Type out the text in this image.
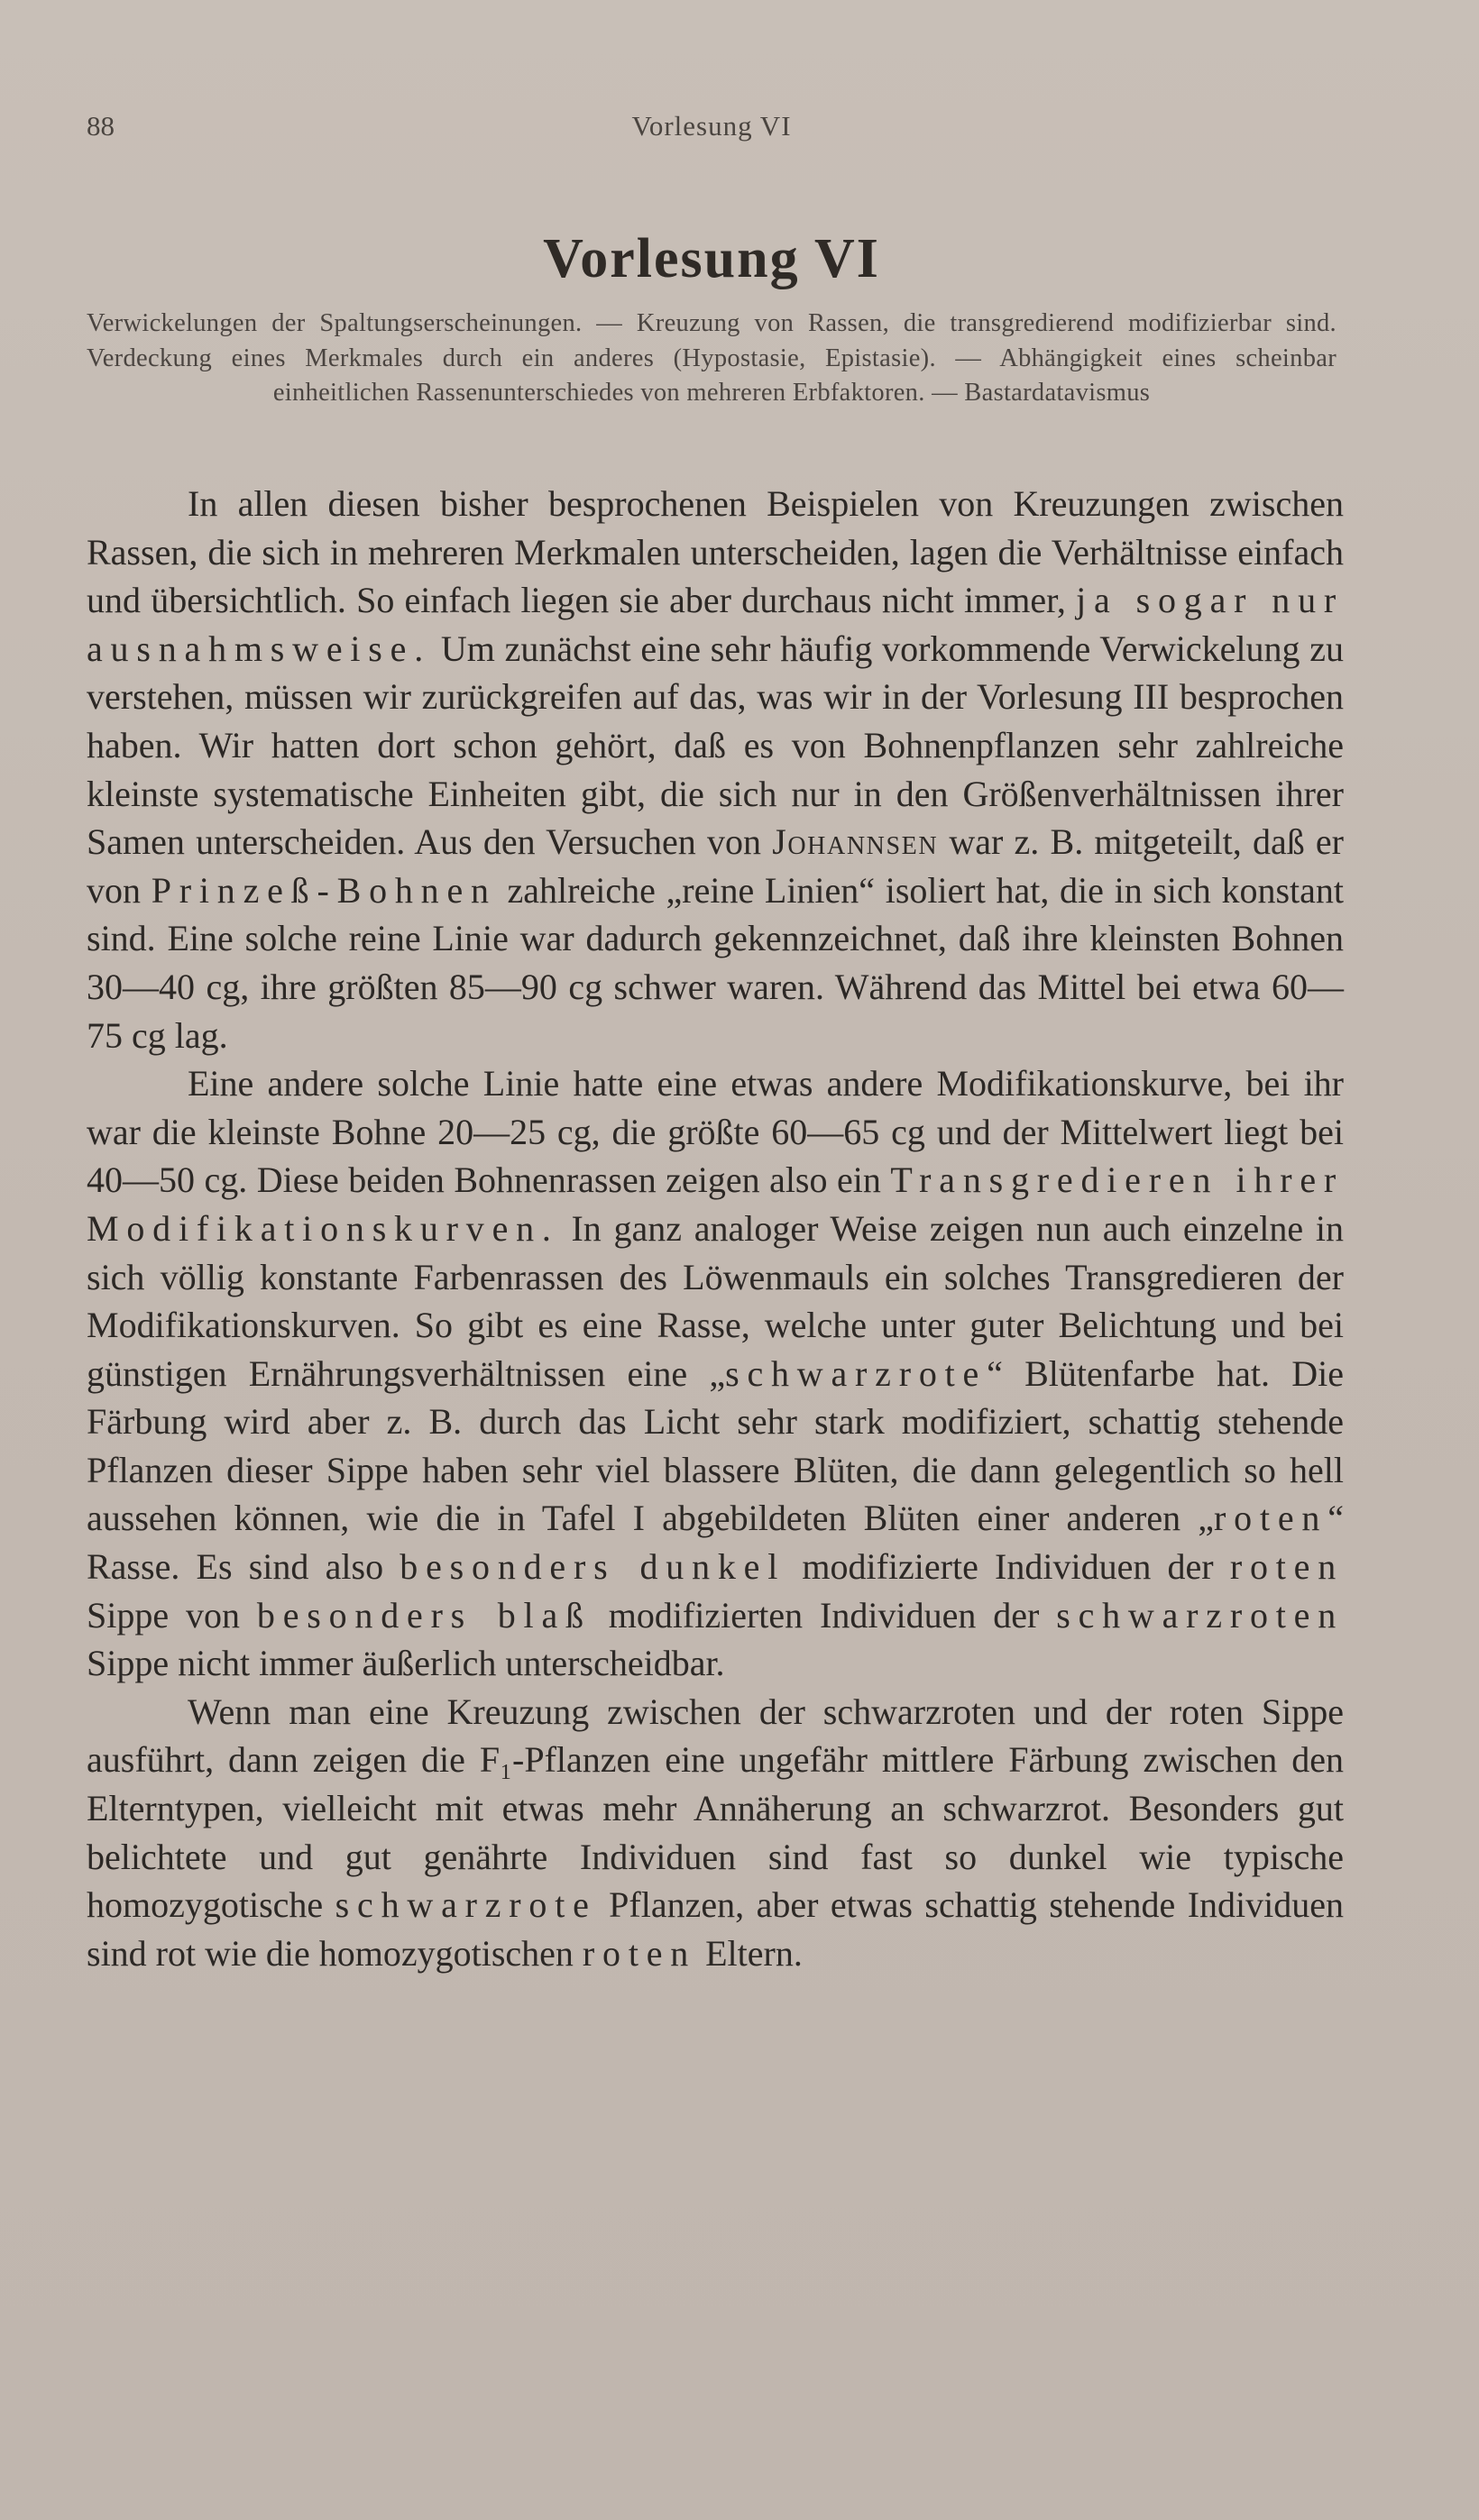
88	Vorlesung VI
Vorlesung VI
Verwickelungen der Spaltungserscheinungen. — Kreuzung von Rassen, die transgredierend modifizierbar sind. Verdeckung eines Merkmales durch ein anderes (Hypostasie, Epistasie). — Abhängigkeit eines scheinbar einheitlichen Rassenunterschiedes von mehreren Erbfaktoren. — Bastardatavismus

In allen diesen bisher besprochenen Beispielen von Kreuzungen zwischen Rassen, die sich in mehreren Merkmalen unterscheiden, lagen die Verhältnisse einfach und übersichtlich. So einfach liegen sie aber durchaus nicht immer, ja sogar nur ausnahmsweise. Um zunächst eine sehr häufig vorkommende Verwickelung zu verstehen, müssen wir zurückgreifen auf das, was wir in der Vorlesung III besprochen haben. Wir hatten dort schon gehört, daß es von Bohnenpflanzen sehr zahlreiche kleinste systematische Einheiten gibt, die sich nur in den Größenverhältnissen ihrer Samen unterscheiden. Aus den Versuchen von Johannsen war z. B. mitgeteilt, daß er von Prinzeß-Bohnen zahlreiche „reine Linien“ isoliert hat, die in sich konstant sind. Eine solche reine Linie war dadurch gekennzeichnet, daß ihre kleinsten Bohnen 30—40 cg, ihre größten 85—90 cg schwer waren. Während das Mittel bei etwa 60—75 cg lag.

Eine andere solche Linie hatte eine etwas andere Modifikationskurve, bei ihr war die kleinste Bohne 20—25 cg, die größte 60—65 cg und der Mittelwert liegt bei 40—50 cg. Diese beiden Bohnenrassen zeigen also ein Transgredieren ihrer Modifikationskurven. In ganz analoger Weise zeigen nun auch einzelne in sich völlig konstante Farbenrassen des Löwenmauls ein solches Transgredieren der Modifikationskurven. So gibt es eine Rasse, welche unter guter Belichtung und bei günstigen Ernährungsverhältnissen eine „schwarzrote“ Blütenfarbe hat. Die Färbung wird aber z. B. durch das Licht sehr stark modifiziert, schattig stehende Pflanzen dieser Sippe haben sehr viel blassere Blüten, die dann gelegentlich so hell aussehen können, wie die in Tafel I abgebildeten Blüten einer anderen „roten“ Rasse. Es sind also besonders dunkel modifizierte Individuen der roten Sippe von besonders blaß modifizierten Individuen der schwarzroten Sippe nicht immer äußerlich unterscheidbar.

Wenn man eine Kreuzung zwischen der schwarzroten und der roten Sippe ausführt, dann zeigen die F₁-Pflanzen eine ungefähr mittlere Färbung zwischen den Elterntypen, vielleicht mit etwas mehr Annäherung an schwarzrot. Besonders gut belichtete und gut genährte Individuen sind fast so dunkel wie typische homozygotische schwarzrote Pflanzen, aber etwas schattig stehende Individuen sind rot wie die homozygotischen roten Eltern.
